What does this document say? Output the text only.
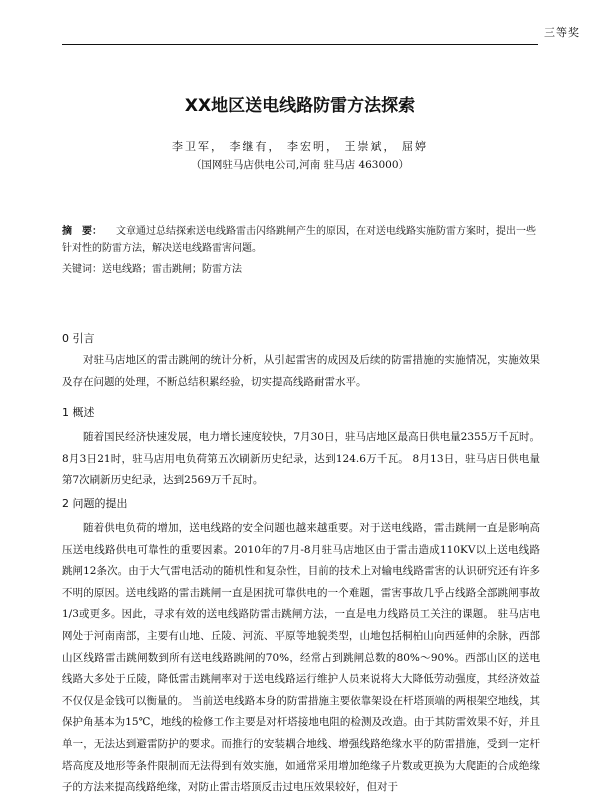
三等奖
XX地区送电线路防雷方法探索
李卫军， 李继有， 李宏明， 王崇斌， 屈婷
（国网驻马店供电公司,河南 驻马店 463000）
摘　要： 文章通过总结探索送电线路雷击闪络跳闸产生的原因，在对送电线路实施防雷方案时，提出一些针对性的防雷方法，解决送电线路雷害问题。
关键词：送电线路；雷击跳闸；防雷方法
0 引言
对驻马店地区的雷击跳闸的统计分析，从引起雷害的成因及后续的防雷措施的实施情况，实施效果及存在问题的处理，不断总结积累经验，切实提高线路耐雷水平。
1 概述
随着国民经济快速发展，电力增长速度较快，7月30日，驻马店地区最高日供电量2355万千瓦时。8月3日21时，驻马店用电负荷第五次刷新历史纪录，达到124.6万千瓦。 8月13日，驻马店日供电量第7次刷新历史纪录，达到2569万千瓦时。
2 问题的提出
随着供电负荷的增加，送电线路的安全问题也越来越重要。对于送电线路，雷击跳闸一直是影响高压送电线路供电可靠性的重要因素。2010年的7月-8月驻马店地区由于雷击造成110KV以上送电线路跳闸12条次。由于大气雷电活动的随机性和复杂性，目前的技术上对输电线路雷害的认识研究还有许多不明的原因。送电线路的雷击跳闸一直是困扰可靠供电的一个难题，雷害事故几乎占线路全部跳闸事故1/3或更多。因此，寻求有效的送电线路防雷击跳闸方法，一直是电力线路员工关注的课题。 驻马店电网处于河南南部，主要有山地、丘陵、河流、平原等地貌类型，山地包括桐柏山向西延伸的余脉，西部山区线路雷击跳闸数到所有送电线路跳闸的70%，经常占到跳闸总数的80%～90%。西部山区的送电线路大多处于丘陵，降低雷击跳闸率对于送电线路运行维护人员来说将大大降低劳动强度，其经济效益不仅仅是金钱可以衡量的。 当前送电线路本身的防雷措施主要依靠架设在杆塔顶端的两根架空地线，其保护角基本为15℃，地线的检修工作主要是对杆塔接地电阻的检测及改造。由于其防雷效果不好，并且单一，无法达到避雷防护的要求。而推行的安装耦合地线、增强线路绝缘水平的防雷措施，受到一定杆塔高度及地形等条件限制而无法得到有效实施，如通常采用增加绝缘子片数或更换为大爬距的合成绝缘子的方法来提高线路绝缘，对防止雷击塔顶反击过电压效果较好，但对于
